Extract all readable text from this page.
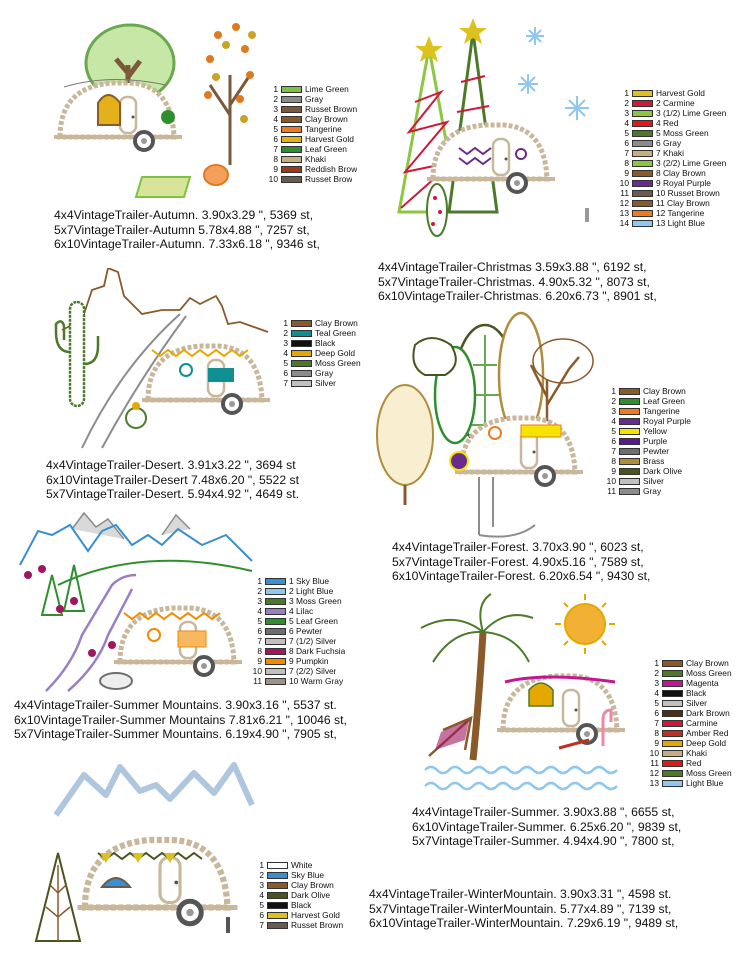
1	Lime Green
2	Gray
3	Russet Brown
4	Clay Brown
5	Tangerine
6	Harvest Gold
7	Leaf Green
8	Khaki
9	Reddish Brow
10	Russet Brow
4x4VintageTrailer-Autumn. 3.90x3.29 ", 5369 st,
5x7VintageTrailer-Autumn 5.78x4.88 ", 7257 st,
6x10VintageTrailer-Autumn. 7.33x6.18 ", 9346 st,
1	Harvest Gold
2	2 Carmine
3	3 (1/2) Lime Green
4	4 Red
5	5 Moss Green
6	6 Gray
7	7 Khaki
8	3 (2/2) Lime Green
9	8 Clay Brown
10	9 Royal Purple
11	10 Russet Brown
12	11 Clay Brown
13	12 Tangerine
14	13 Light Blue
4x4VintageTrailer-Christmas 3.59x3.88 ", 6192 st,
5x7VintageTrailer-Christmas. 4.90x5.32 ", 8073 st,
6x10VintageTrailer-Christmas. 6.20x6.73 ", 8901 st,
1	Clay Brown
2	Teal Green
3	Black
4	Deep Gold
5	Moss Green
6	Gray
7	Silver
4x4VintageTrailer-Desert. 3.91x3.22 ", 3694 st
6x10VintageTrailer-Desert 7.48x6.20 ", 5522 st
5x7VintageTrailer-Desert. 5.94x4.92 ", 4649 st.
1	Clay Brown
2	Leaf Green
3	Tangerine
4	Royal Purple
5	Yellow
6	Purple
7	Pewter
8	Brass
9	Dark Olive
10	Silver
11	Gray
4x4VintageTrailer-Forest. 3.70x3.90 ", 6023 st,
5x7VintageTrailer-Forest. 4.90x5.16 ", 7589 st,
6x10VintageTrailer-Forest. 6.20x6.54 ", 9430 st,
1	1 Sky Blue
2	2 Light Blue
3	3 Moss Green
4	4 Lilac
5	5 Leaf Green
6	6 Pewter
7	7 (1/2) Silver
8	8 Dark Fuchsia
9	9 Pumpkin
10	7 (2/2) Silver
11	10 Warm Gray
4x4VintageTrailer-Summer Mountains. 3.90x3.16 ", 5537 st.
6x10VintageTrailer-Summer Mountains 7.81x6.21 ", 10046 st,
5x7VintageTrailer-Summer Mountains. 6.19x4.90 ", 7905 st,
1	Clay Brown
2	Moss Green
3	Magenta
4	Black
5	Silver
6	Dark Brown
7	Carmine
8	Amber Red
9	Deep Gold
10	Khaki
11	Red
12	Moss Green
13	Light Blue
4x4VintageTrailer-Summer. 3.90x3.88 ", 6655 st,
6x10VintageTrailer-Summer. 6.25x6.20 ", 9839 st,
5x7VintageTrailer-Summer. 4.94x4.90 ", 7800 st,
1	White
2	Sky Blue
3	Clay Brown
4	Dark Olive
5	Black
6	Harvest Gold
7	Russet Brown
4x4VintageTrailer-WinterMountain. 3.90x3.31 ", 4598 st.
5x7VintageTrailer-WinterMountain. 5.77x4.89 ", 7139 st,
6x10VintageTrailer-WinterMountain. 7.29x6.19 ", 9489 st,
